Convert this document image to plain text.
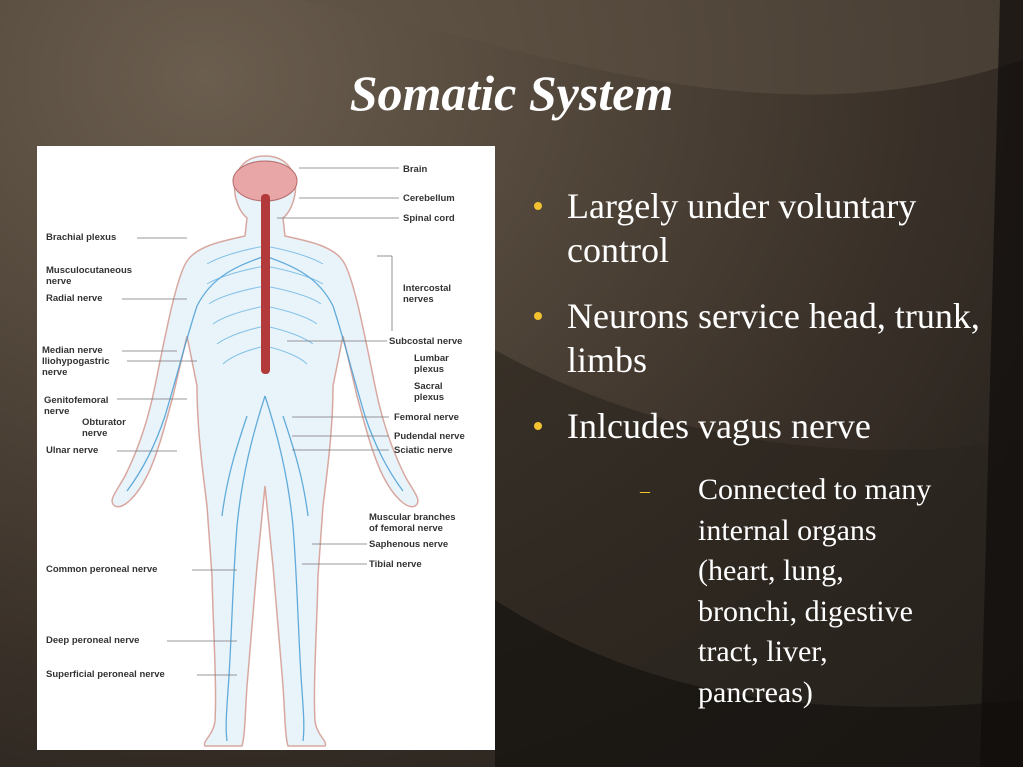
Somatic System
Brachial plexus
Musculocutaneous
nerve
Radial nerve
Median nerve
Iliohypogastric
nerve
Genitofemoral
nerve
Obturator
nerve
Ulnar nerve
Common peroneal nerve
Deep peroneal nerve
Superficial peroneal nerve
Brain
Cerebellum
Spinal cord
Intercostal
nerves
Subcostal nerve
Lumbar
plexus
Sacral
plexus
Femoral nerve
Pudendal nerve
Sciatic nerve
Muscular branches
of femoral nerve
Saphenous nerve
Tibial nerve
Largely under voluntary control
Neurons service head, trunk, limbs
Inlcudes vagus nerve
– Connected to many internal organs (heart, lung, bronchi, digestive tract, liver, pancreas)
